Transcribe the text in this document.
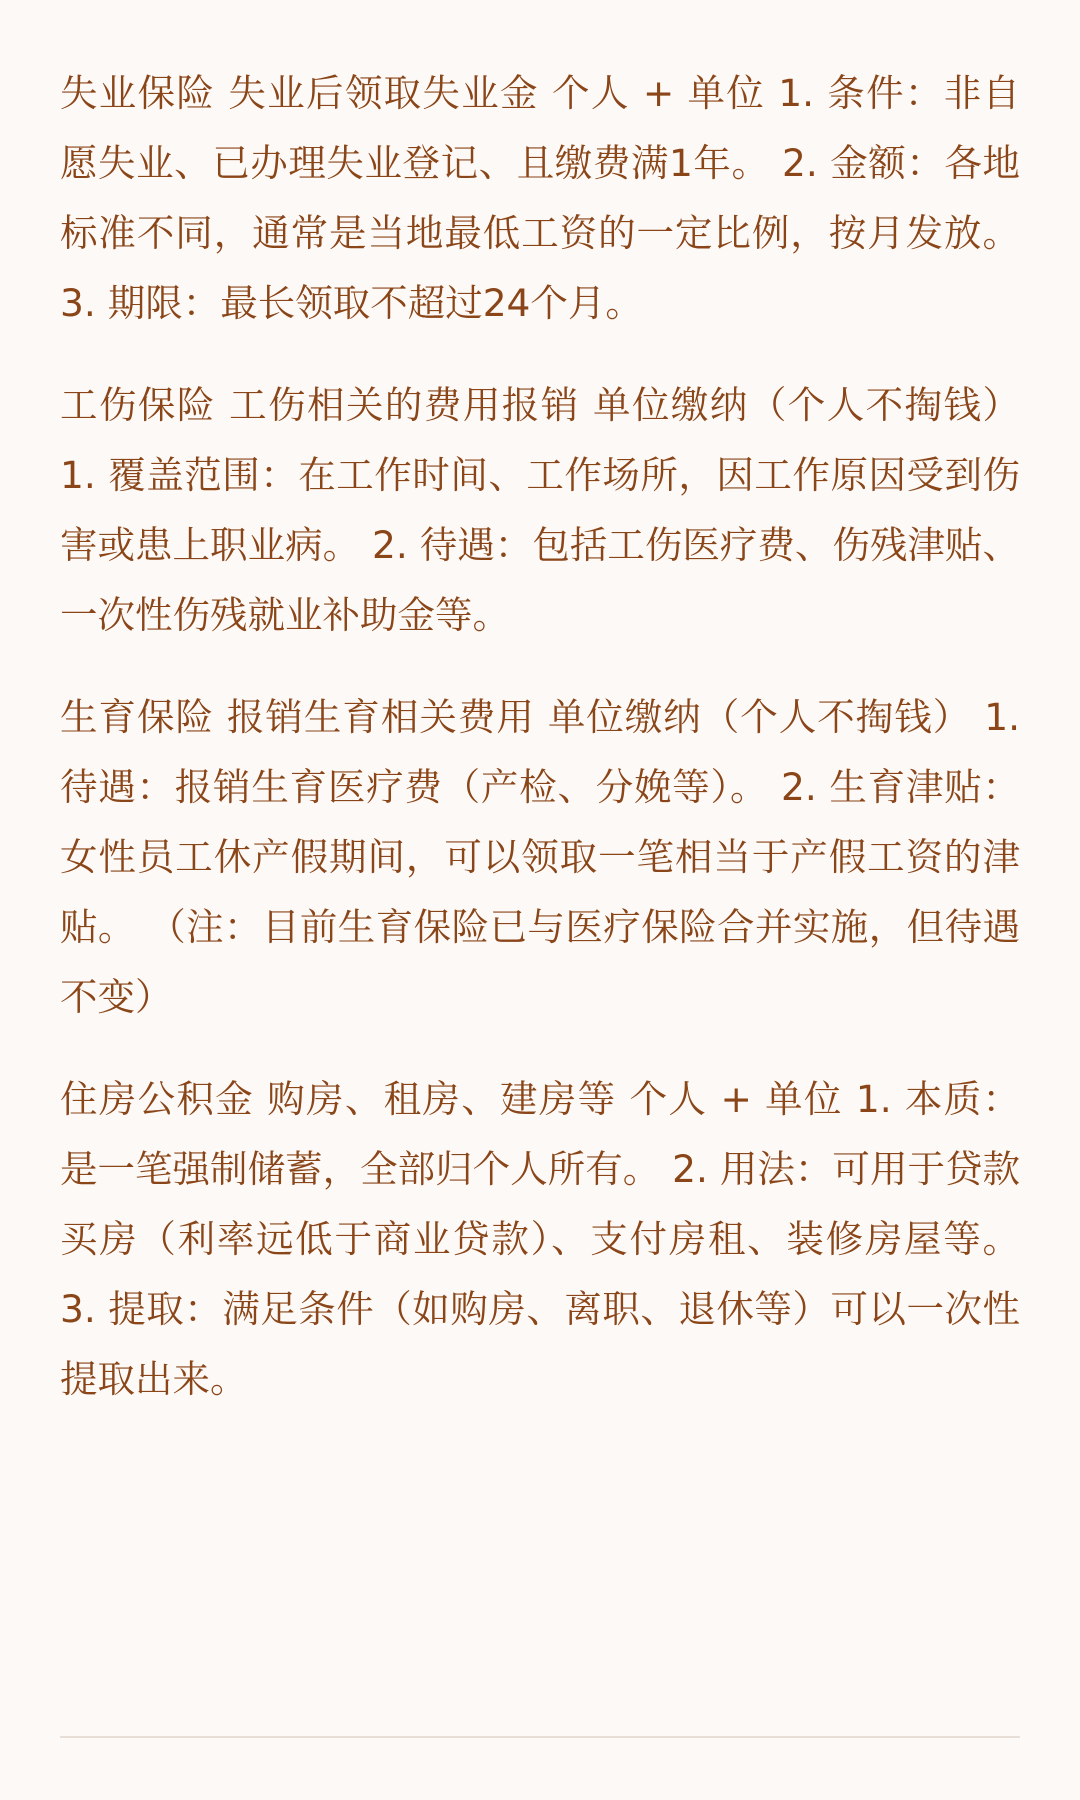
失业保险 失业后领取失业金 个人 + 单位 1. 条件：非自愿失业、已办理失业登记、且缴费满1年。 2. 金额：各地标准不同，通常是当地最低工资的一定比例，按月发放。 3. 期限：最长领取不超过24个月。

工伤保险 工伤相关的费用报销 单位缴纳（个人不掏钱） 1. 覆盖范围：在工作时间、工作场所，因工作原因受到伤害或患上职业病。 2. 待遇：包括工伤医疗费、伤残津贴、一次性伤残就业补助金等。

生育保险 报销生育相关费用 单位缴纳（个人不掏钱） 1. 待遇：报销生育医疗费（产检、分娩等）。 2. 生育津贴：女性员工休产假期间，可以领取一笔相当于产假工资的津贴。 （注：目前生育保险已与医疗保险合并实施，但待遇不变）

住房公积金 购房、租房、建房等 个人 + 单位 1. 本质：是一笔强制储蓄，全部归个人所有。 2. 用法：可用于贷款买房（利率远低于商业贷款）、支付房租、装修房屋等。 3. 提取：满足条件（如购房、离职、退休等）可以一次性提取出来。
